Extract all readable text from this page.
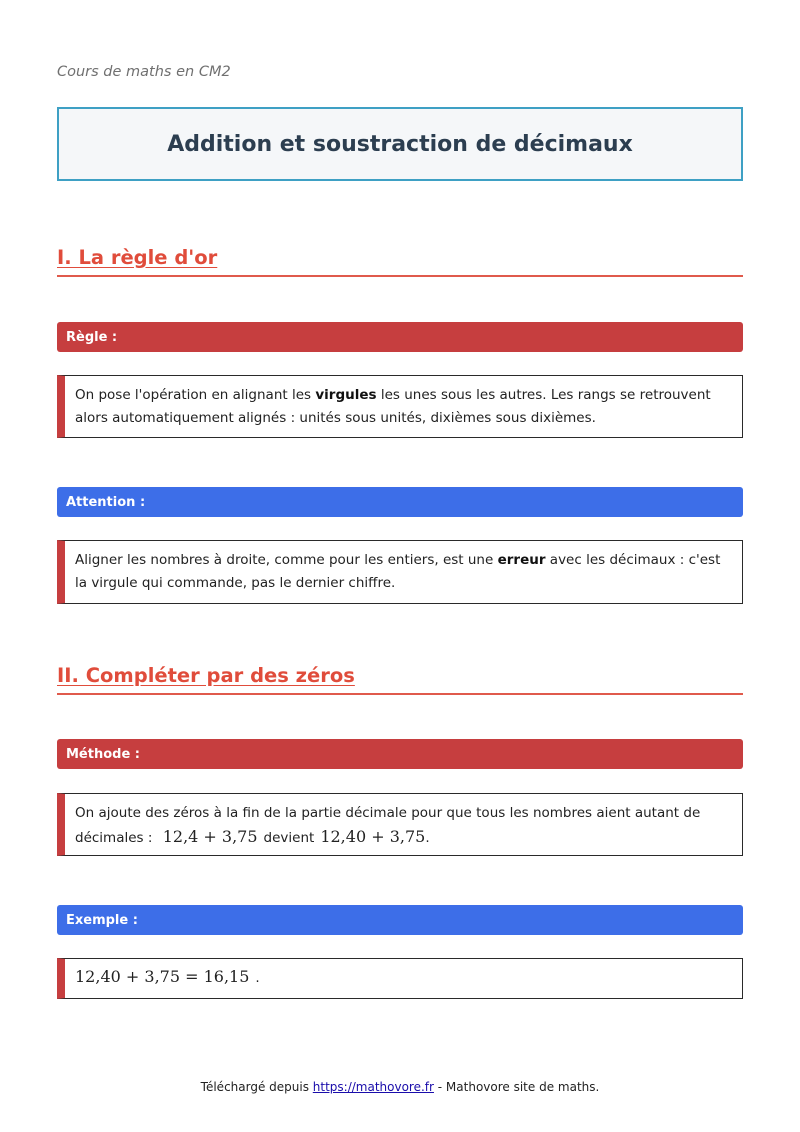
Cours de maths en CM2
Addition et soustraction de décimaux
I. La règle d'or
Règle :
On pose l'opération en alignant les virgules les unes sous les autres. Les rangs se retrouvent alors automatiquement alignés : unités sous unités, dixièmes sous dixièmes.
Attention :
Aligner les nombres à droite, comme pour les entiers, est une erreur avec les décimaux : c'est la virgule qui commande, pas le dernier chiffre.
II. Compléter par des zéros
Méthode :
On ajoute des zéros à la fin de la partie décimale pour que tous les nombres aient autant de décimales : 12,4 + 3,75 devient 12,40 + 3,75.
Exemple :
12,40 + 3,75 = 16,15 .
Téléchargé depuis https://mathovore.fr - Mathovore site de maths.
